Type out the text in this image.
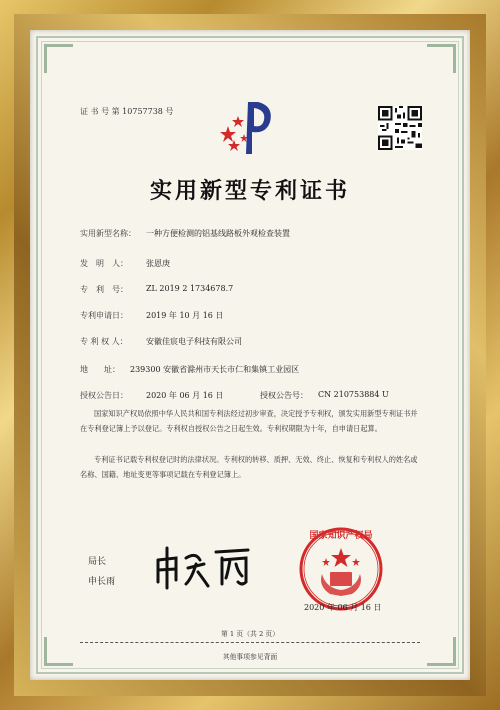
证 书 号 第 10757738 号
实用新型专利证书
实用新型名称： 一种方便检测的铝基线路板外观检查装置
发　明　人： 张恩庚
专　利　号： ZL 2019 2 1734678.7
专利申请日： 2019 年 10 月 16 日
专 利 权 人： 安徽佳宸电子科技有限公司
地　　址： 239300 安徽省滁州市天长市仁和集镇工业园区
授权公告日： 2020 年 06 月 16 日	授权公告号： CN 210753884 U
国家知识产权局依照中华人民共和国专利法经过初步审查，决定授予专利权，颁发实用新型专利证书并在专利登记簿上予以登记。专利权自授权公告之日起生效。专利权期限为十年，自申请日起算。
专利证书记载专利权登记时的法律状况。专利权的转移、质押、无效、终止、恢复和专利权人的姓名或名称、国籍、地址变更等事项记载在专利登记簿上。
局长
申长雨
国家知识产权局
2020 年 06 月 16 日
第 1 页（共 2 页）
其他事项参见背面
